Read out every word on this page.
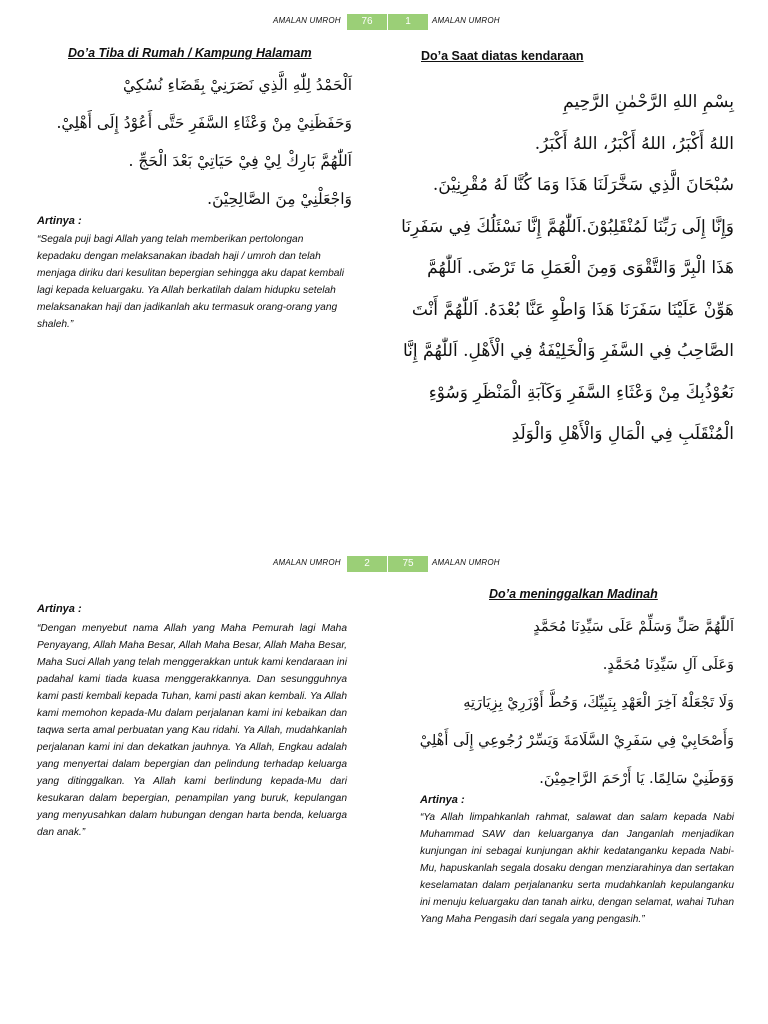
AMALAN UMROH	76	1	AMALAN UMROH
Do’a Tiba di Rumah / Kampung Halamam
اَلْحَمْدُ لِلّٰهِ الَّذِي نَصَرَنِيْ بِقَضَاءِ نُسُكِيْ
وَحَفَظَنِيْ مِنْ وَعْثَاءِ السَّفَرِ حَتَّى أَعُوْدُ إِلَى أَهْلِيْ.
اَللّٰهُمَّ بَارِكْ لِيْ فِيْ حَيَاتِيْ بَعْدَ الْحَجِّ .
وَاجْعَلْنِيْ مِنَ الصَّالِحِيْنَ.
Artinya :
“Segala puji bagi Allah yang telah memberikan pertolongan kepadaku dengan melaksanakan ibadah haji / umroh dan telah menjaga diriku dari kesulitan bepergian sehingga aku dapat kembali lagi kepada keluargaku. Ya Allah berkatilah dalam hidupku setelah melaksanakan haji dan jadikanlah aku termasuk orang-orang yang shaleh.”
Do’a Saat diatas kendaraan
بِسْمِ اللهِ الرَّحْمٰنِ الرَّحِيمِ
اللهُ أَكْبَرُ، اللهُ أَكْبَرُ، اللهُ أَكْبَرُ.
سُبْحَانَ الَّذِي سَخَّرَلَنَا هَذَا وَمَا كُنَّا لَهُ مُقْرِنِيْنَ.
وَإِنَّا إِلَى رَبِّنَا لَمُنْقَلِبُوْنَ.اَللّٰهُمَّ إِنَّا نَسْئَلُكَ فِي سَفَرِنَا
هَذَا الْبِرَّ وَالتَّقْوَى وَمِنَ الْعَمَلِ مَا تَرْضَى. اَللّٰهُمَّ
هَوِّنْ عَلَيْنَا سَفَرَنَا هَذَا وَاطْوِ عَنَّا بُعْدَهُ. اَللّٰهُمَّ أَنْتَ
الصَّاحِبُ فِي السَّفَرِ وَالْخَلِيْفَةُ فِي الْأَهْلِ. اَللّٰهُمَّ إِنَّا
نَعُوْذُبِكَ مِنْ وَعْثَاءِ السَّفَرِ وَكَآبَةِ الْمَنْظَرِ وَسُوْءِ
الْمُنْقَلَبِ فِي الْمَالِ وَالْأَهْلِ وَالْوَلَدِ
AMALAN UMROH	2	75	AMALAN UMROH
Artinya :
“Dengan menyebut nama Allah yang Maha Pemurah lagi Maha Penyayang, Allah Maha Besar, Allah Maha Besar, Allah Maha Besar, Maha Suci Allah yang telah menggerakkan untuk kami kendaraan ini padahal kami tiada kuasa menggerakkannya. Dan sesungguhnya kami pasti kembali kepada Tuhan, kami pasti akan kembali. Ya Allah kami memohon kepada-Mu dalam perjalanan kami ini kebaikan dan taqwa serta amal perbuatan yang Kau ridahi. Ya Allah, mudahkanlah perjalanan kami ini dan dekatkan jauhnya. Ya Allah, Engkau adalah yang menyertai dalam bepergian dan pelindung terhadap keluarga yang ditinggalkan. Ya Allah kami berlindung kepada-Mu dari kesukaran dalam bepergian, penampilan yang buruk, kepulangan yang menyusahkan dalam hubungan dengan harta benda, keluarga dan anak.”
Do’a meninggalkan Madinah
اَللّٰهُمَّ صَلِّ وَسَلِّمْ عَلَى سَيِّدِنَا مُحَمَّدٍ
وَعَلَى آلِ سَيِّدِنَا مُحَمَّدٍ.
وَلَا تَجْعَلْهُ آخِرَ الْعَهْدِ بِنَبِيِّكَ، وَحُطَّ أَوْزَرِيْ بِزِيَارَتِهِ
وَأَصْحَابِيْ فِي سَفَرِيْ السَّلَامَةَ وَيَسِّرْ رُجُوعِي إِلَى أَهْلِيْ
وَوَطَنِيْ سَالِمًا. يَا أَرْحَمَ الرَّاحِمِيْنَ.
Artinya :
“Ya Allah limpahkanlah rahmat, salawat dan salam kepada Nabi Muhammad SAW dan keluarganya dan Janganlah menjadikan kunjungan ini sebagai kunjungan akhir kedatanganku kepada Nabi-Mu, hapuskanlah segala dosaku dengan menziarahinya dan sertakan keselamatan dalam perjalananku serta mudahkanlah kepulanganku ini menuju keluargaku dan tanah airku, dengan selamat, wahai Tuhan Yang Maha Pengasih dari segala yang pengasih.”
